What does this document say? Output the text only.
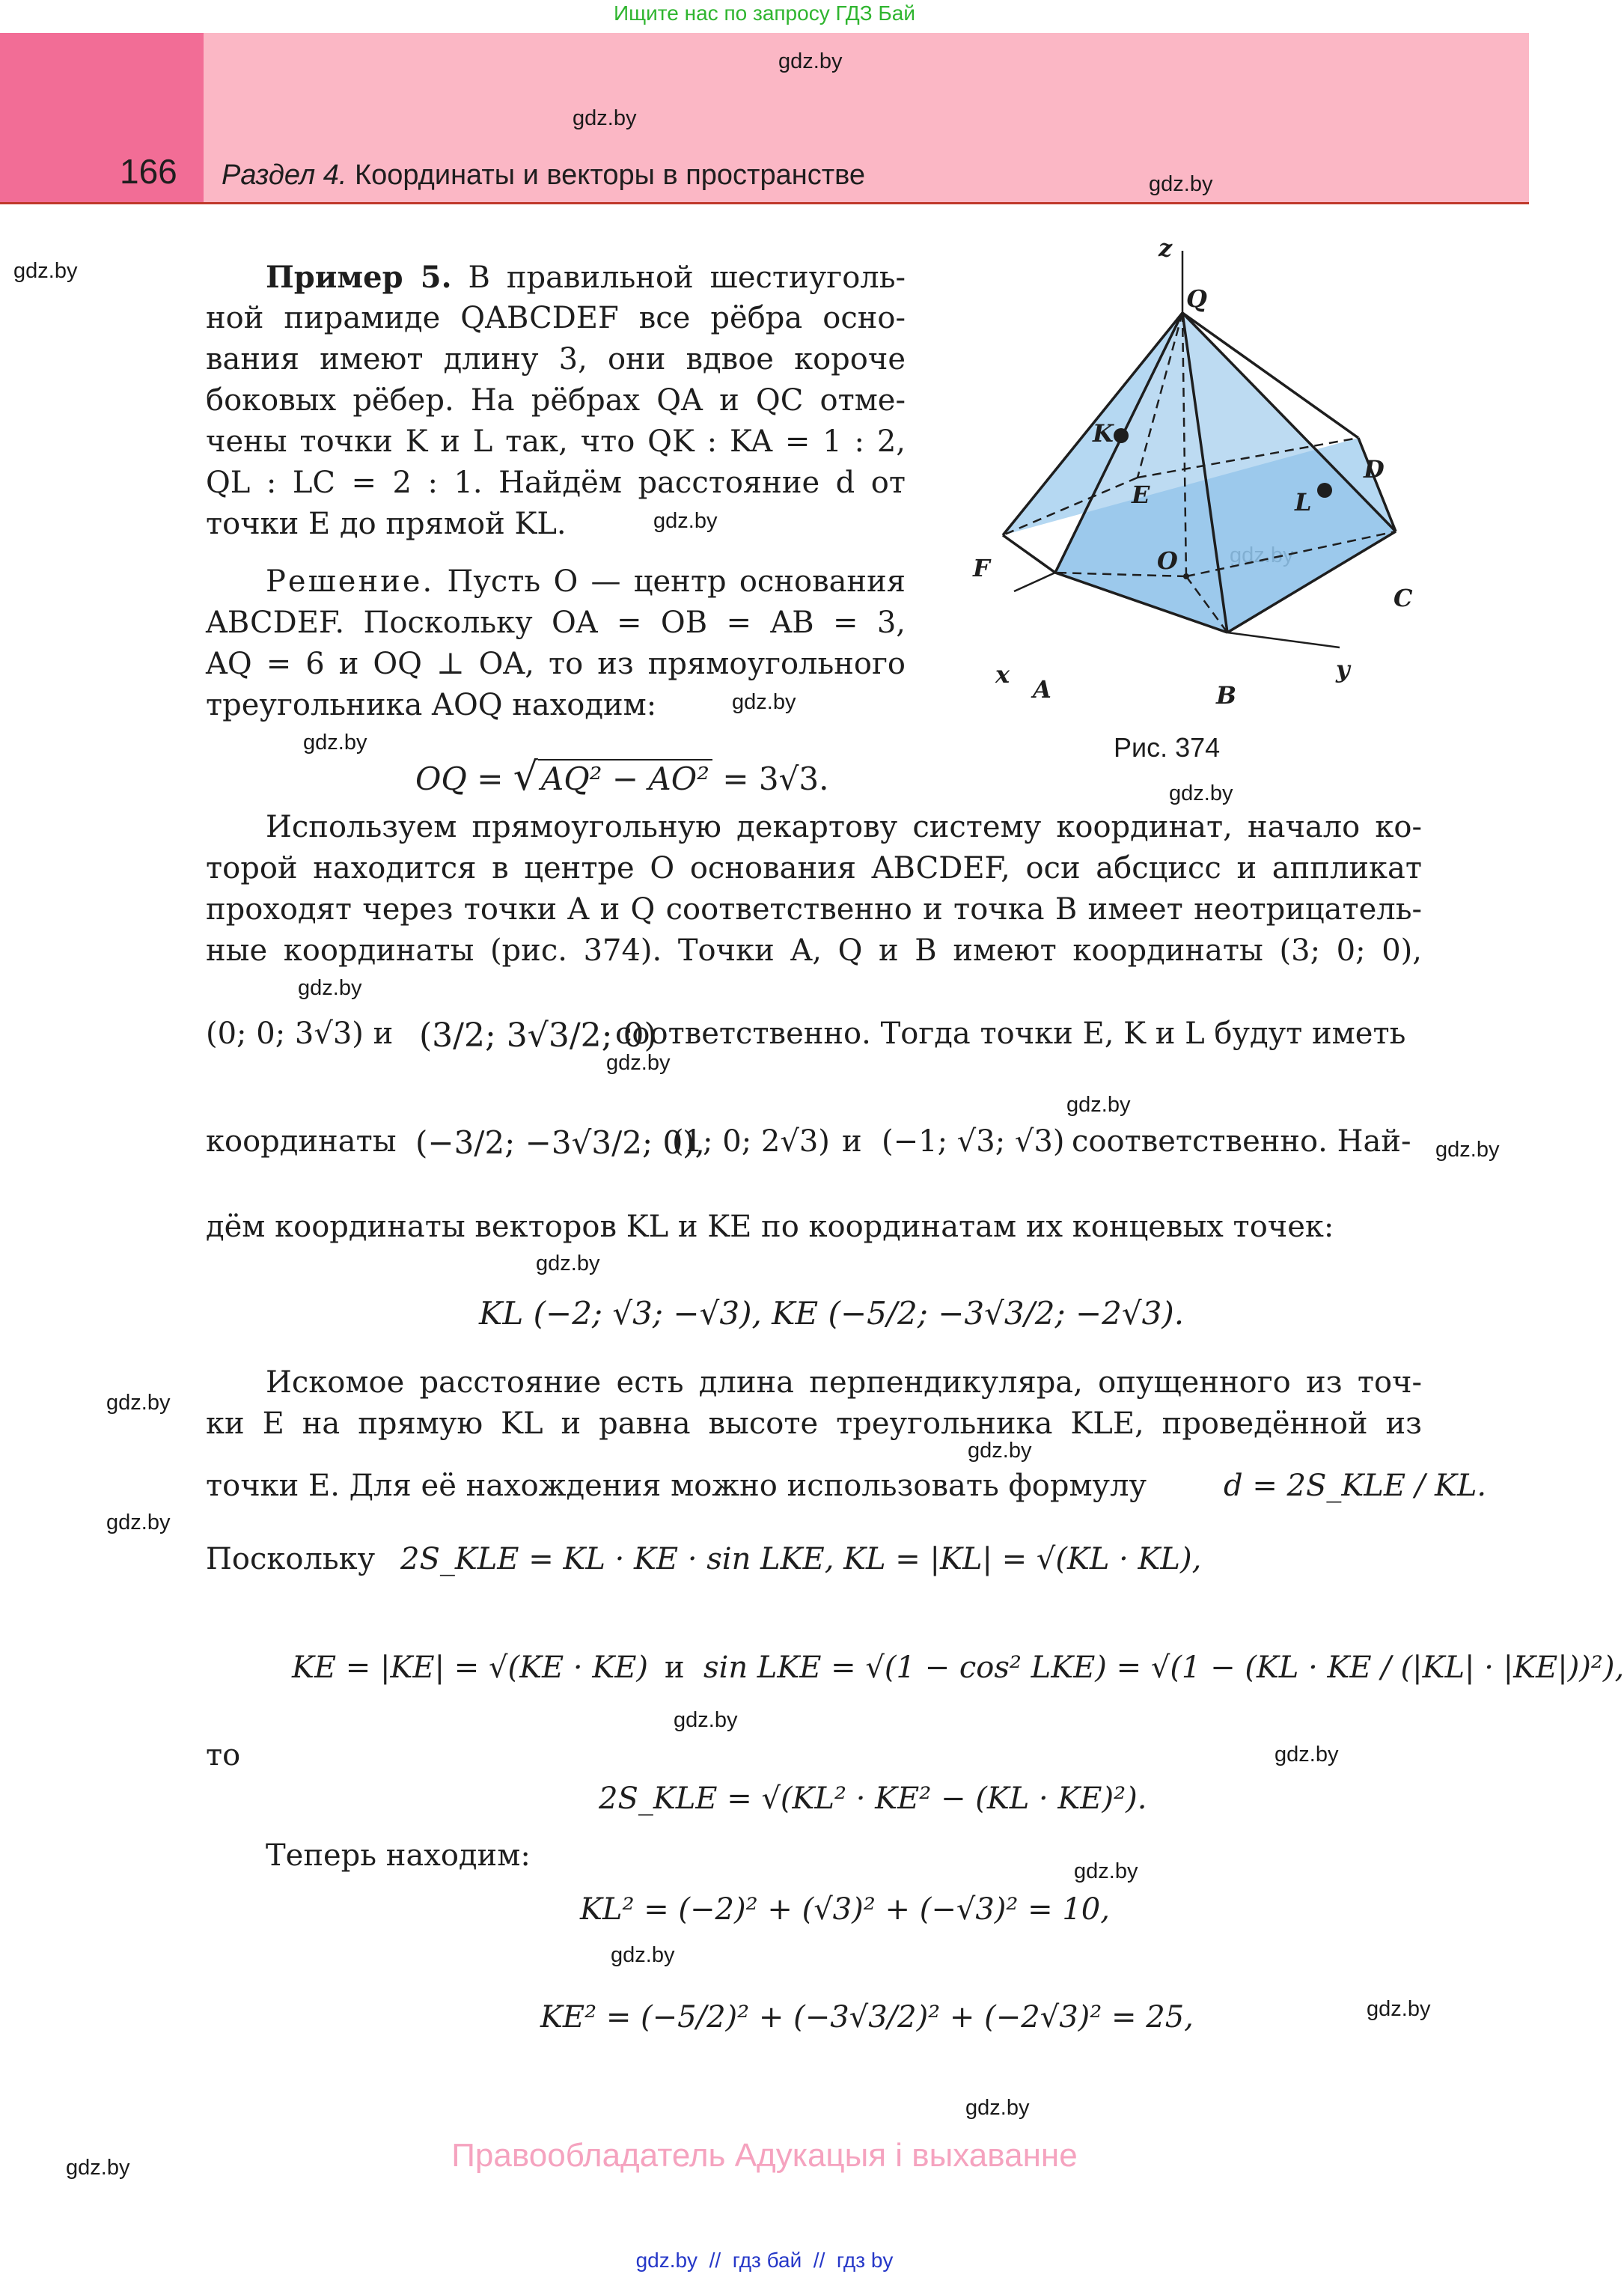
Ищите нас по запросу ГДЗ Бай
166 Раздел 4. Координаты и векторы в пространстве
gdz.by
gdz.by
gdz.by
gdz.by
gdz.by
gdz.by
gdz.by
gdz.by
gdz.by
gdz.by
gdz.by
gdz.by
gdz.by
gdz.by
gdz.by
gdz.by
gdz.by
gdz.by
gdz.by
gdz.by
gdz.by
gdz.by
gdz.by
Пример 5. В правильной шестиуголь-
ной пирамиде QABCDEF все рёбра осно-
вания имеют длину 3, они вдвое короче
боковых рёбер. На рёбрах QA и QC отме-
чены точки K и L так, что QK : KA = 1 : 2,
QL : LC = 2 : 1. Найдём расстояние d от
точки E до прямой KL.
Решение. Пусть O — центр основания
ABCDEF. Поскольку OA = OB = AB = 3,
AQ = 6 и OQ ⊥ OA, то из прямоугольного
треугольника AOQ находим:
OQ = √AQ² − AO² = 3√3.
z
Q
K
L
D
E
F	O
C
x	y
A	B
Рис. 374
Используем прямоугольную декартову систему координат, начало ко-
торой находится в центре O основания ABCDEF, оси абсцисс и аппликат
проходят через точки A и Q соответственно и точка B имеет неотрицатель-
ные координаты (рис. 374). Точки A, Q и B имеют координаты (3; 0; 0),
(0; 0; 3√3) и (3/2; 3√3/2; 0)
соответственно. Тогда точки E, K и L будут иметь
координаты (−3/2; −3√3/2; 0),
(1; 0; 2√3) и (−1; √3; √3) соответственно. Най-
дём координаты векторов KL и KE по координатам их концевых точек:
KL (−2; √3; −√3), KE (−5/2; −3√3/2; −2√3).
Искомое расстояние есть длина перпендикуляра, опущенного из точ-
ки E на прямую KL и равна высоте треугольника KLE, проведённой из
точки E. Для её нахождения можно использовать формулу	d = 2S_KLE / KL.
Поскольку 2S_KLE = KL · KE · sin LKE, KL = |KL| = √(KL · KL),
KE = |KE| = √(KE · KE) и sin LKE = √(1 − cos² LKE) = √(1 − (KL · KE / (|KL| · |KE|))²),
то
2S_KLE = √(KL² · KE² − (KL · KE)²).
Теперь находим:
KL² = (−2)² + (√3)² + (−√3)² = 10,
KE² = (−5/2)² + (−3√3/2)² + (−2√3)² = 25,
Правообладатель Адукацыя і выхаванне
gdz.by  //  гдз бай  //  гдз by
